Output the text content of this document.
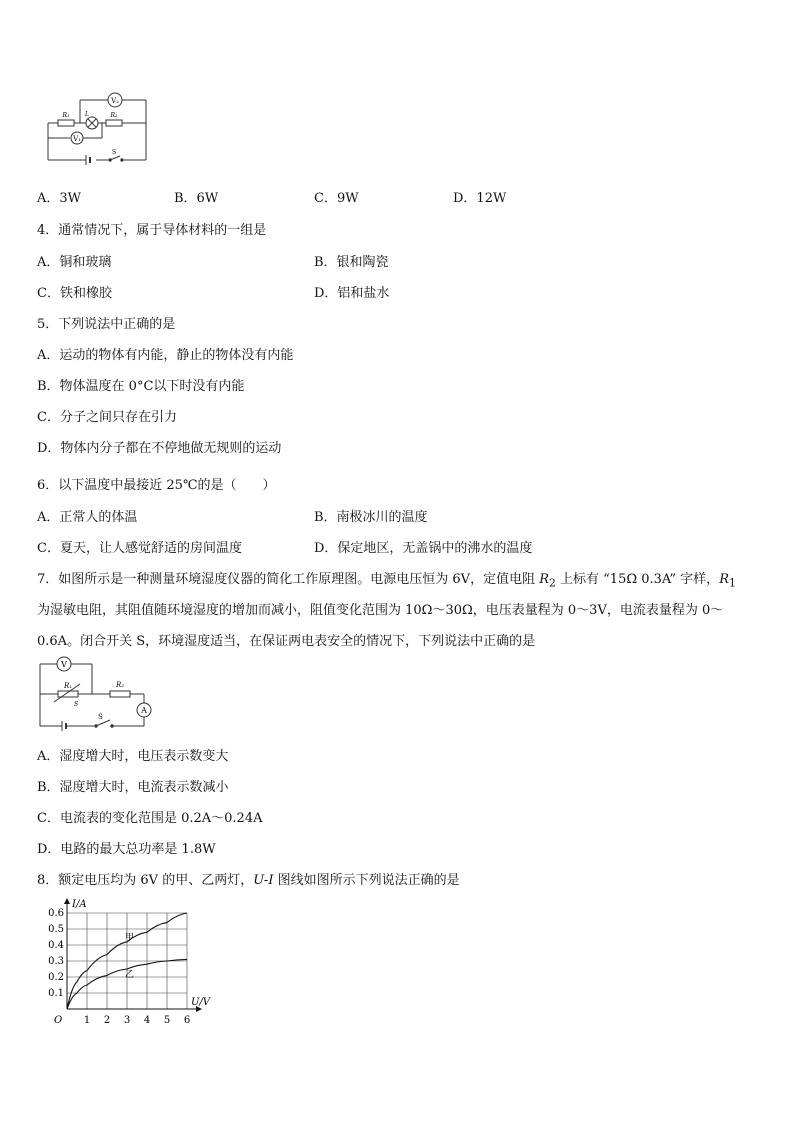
V₂
R₁	L	R₂
V₁
S
A．3W	B．6W	C．9W	D．12W
4．通常情况下，属于导体材料的一组是
A．铜和玻璃	B．银和陶瓷
C．铁和橡胶	D．铝和盐水
5．下列说法中正确的是
A．运动的物体有内能，静止的物体没有内能
B．物体温度在 0°C以下时没有内能
C．分子之间只存在引力
D．物体内分子都在不停地做无规则的运动
6．以下温度中最接近 25℃的是（　　）
A．正常人的体温	B．南极冰川的温度
C．夏天，让人感觉舒适的房间温度	D．保定地区，无盖锅中的沸水的温度
7．如图所示是一种测量环境湿度仪器的简化工作原理图。电源电压恒为 6V，定值电阻 $R_2$ 上标有 “15Ω 0.3A” 字样，$R_1$
为湿敏电阻，其阻值随环境湿度的增加而减小，阻值变化范围为 10Ω～30Ω，电压表量程为 0～3V，电流表量程为 0～
0.6A。闭合开关 S，环境湿度适当，在保证两电表安全的情况下，下列说法中正确的是
V
R₁
S
R₂
S
A
A．湿度增大时，电压表示数变大
B．湿度增大时，电流表示数减小
C．电流表的变化范围是 0.2A～0.24A
D．电路的最大总功率是 1.8W
8．额定电压均为 6V 的甲、乙两灯，U-I 图线如图所示下列说法正确的是
1 2 3 4 5 6
0.1
0.2
0.3
0.4
0.5
0.6
U/V
I/A
O
甲
乙
